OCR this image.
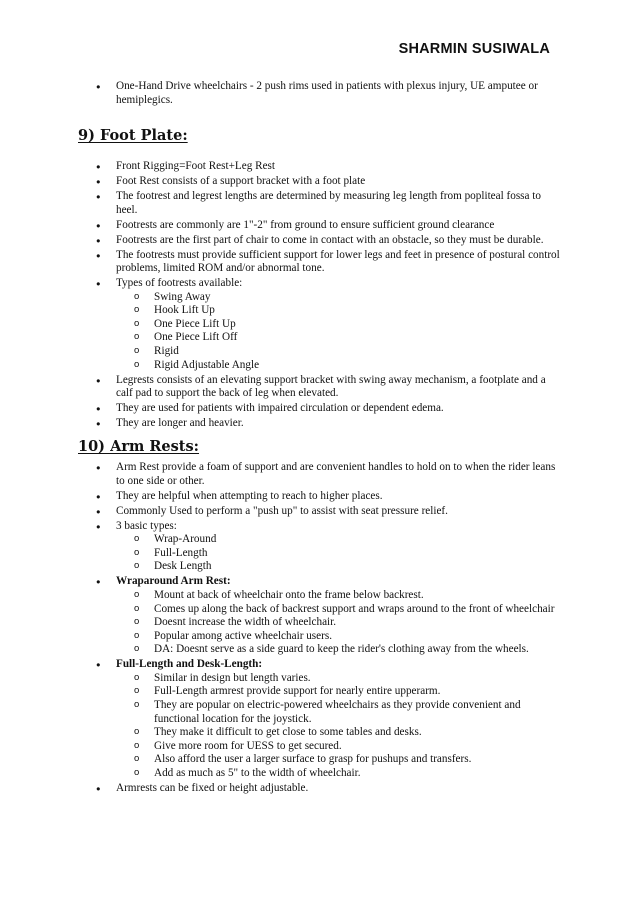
SHARMIN SUSIWALA
● One-Hand Drive wheelchairs - 2 push rims used in patients with plexus injury, UE amputee or hemiplegics.
9) Foot Plate:
● Front Rigging=Foot Rest+Leg Rest
● Foot Rest consists of a support bracket with a foot plate
● The footrest and legrest lengths are determined by measuring leg length from popliteal fossa to heel.
● Footrests are commonly are 1"-2" from ground to ensure sufficient ground clearance
● Footrests are the first part of chair to come in contact with an obstacle, so they must be durable.
● The footrests must provide sufficient support for lower legs and feet in presence of postural control problems, limited ROM and/or abnormal tone.
● Types of footrests available:
o Swing Away
o Hook Lift Up
o One Piece Lift Up
o One Piece Lift Off
o Rigid
o Rigid Adjustable Angle
● Legrests consists of an elevating support bracket with swing away mechanism, a footplate and a calf pad to support the back of leg when elevated.
● They are used for patients with impaired circulation or dependent edema.
● They are longer and heavier.
10) Arm Rests:
● Arm Rest provide a foam of support and are convenient handles to hold on to when the rider leans to one side or other.
● They are helpful when attempting to reach to higher places.
● Commonly Used to perform a "push up" to assist with seat pressure relief.
● 3 basic types:
o Wrap-Around
o Full-Length
o Desk Length
● Wraparound Arm Rest:
o Mount at back of wheelchair onto the frame below backrest.
o Comes up along the back of backrest support and wraps around to the front of wheelchair
o Doesnt increase the width of wheelchair.
o Popular among active wheelchair users.
o DA: Doesnt serve as a side guard to keep the rider's clothing away from the wheels.
● Full-Length and Desk-Length:
o Similar in design but length varies.
o Full-Length armrest provide support for nearly entire upperarm.
o They are popular on electric-powered wheelchairs as they provide convenient and functional location for the joystick.
o They make it difficult to get close to some tables and desks.
o Give more room for UESS to get secured.
o Also afford the user a larger surface to grasp for pushups and transfers.
o Add as much as 5" to the width of wheelchair.
● Armrests can be fixed or height adjustable.
